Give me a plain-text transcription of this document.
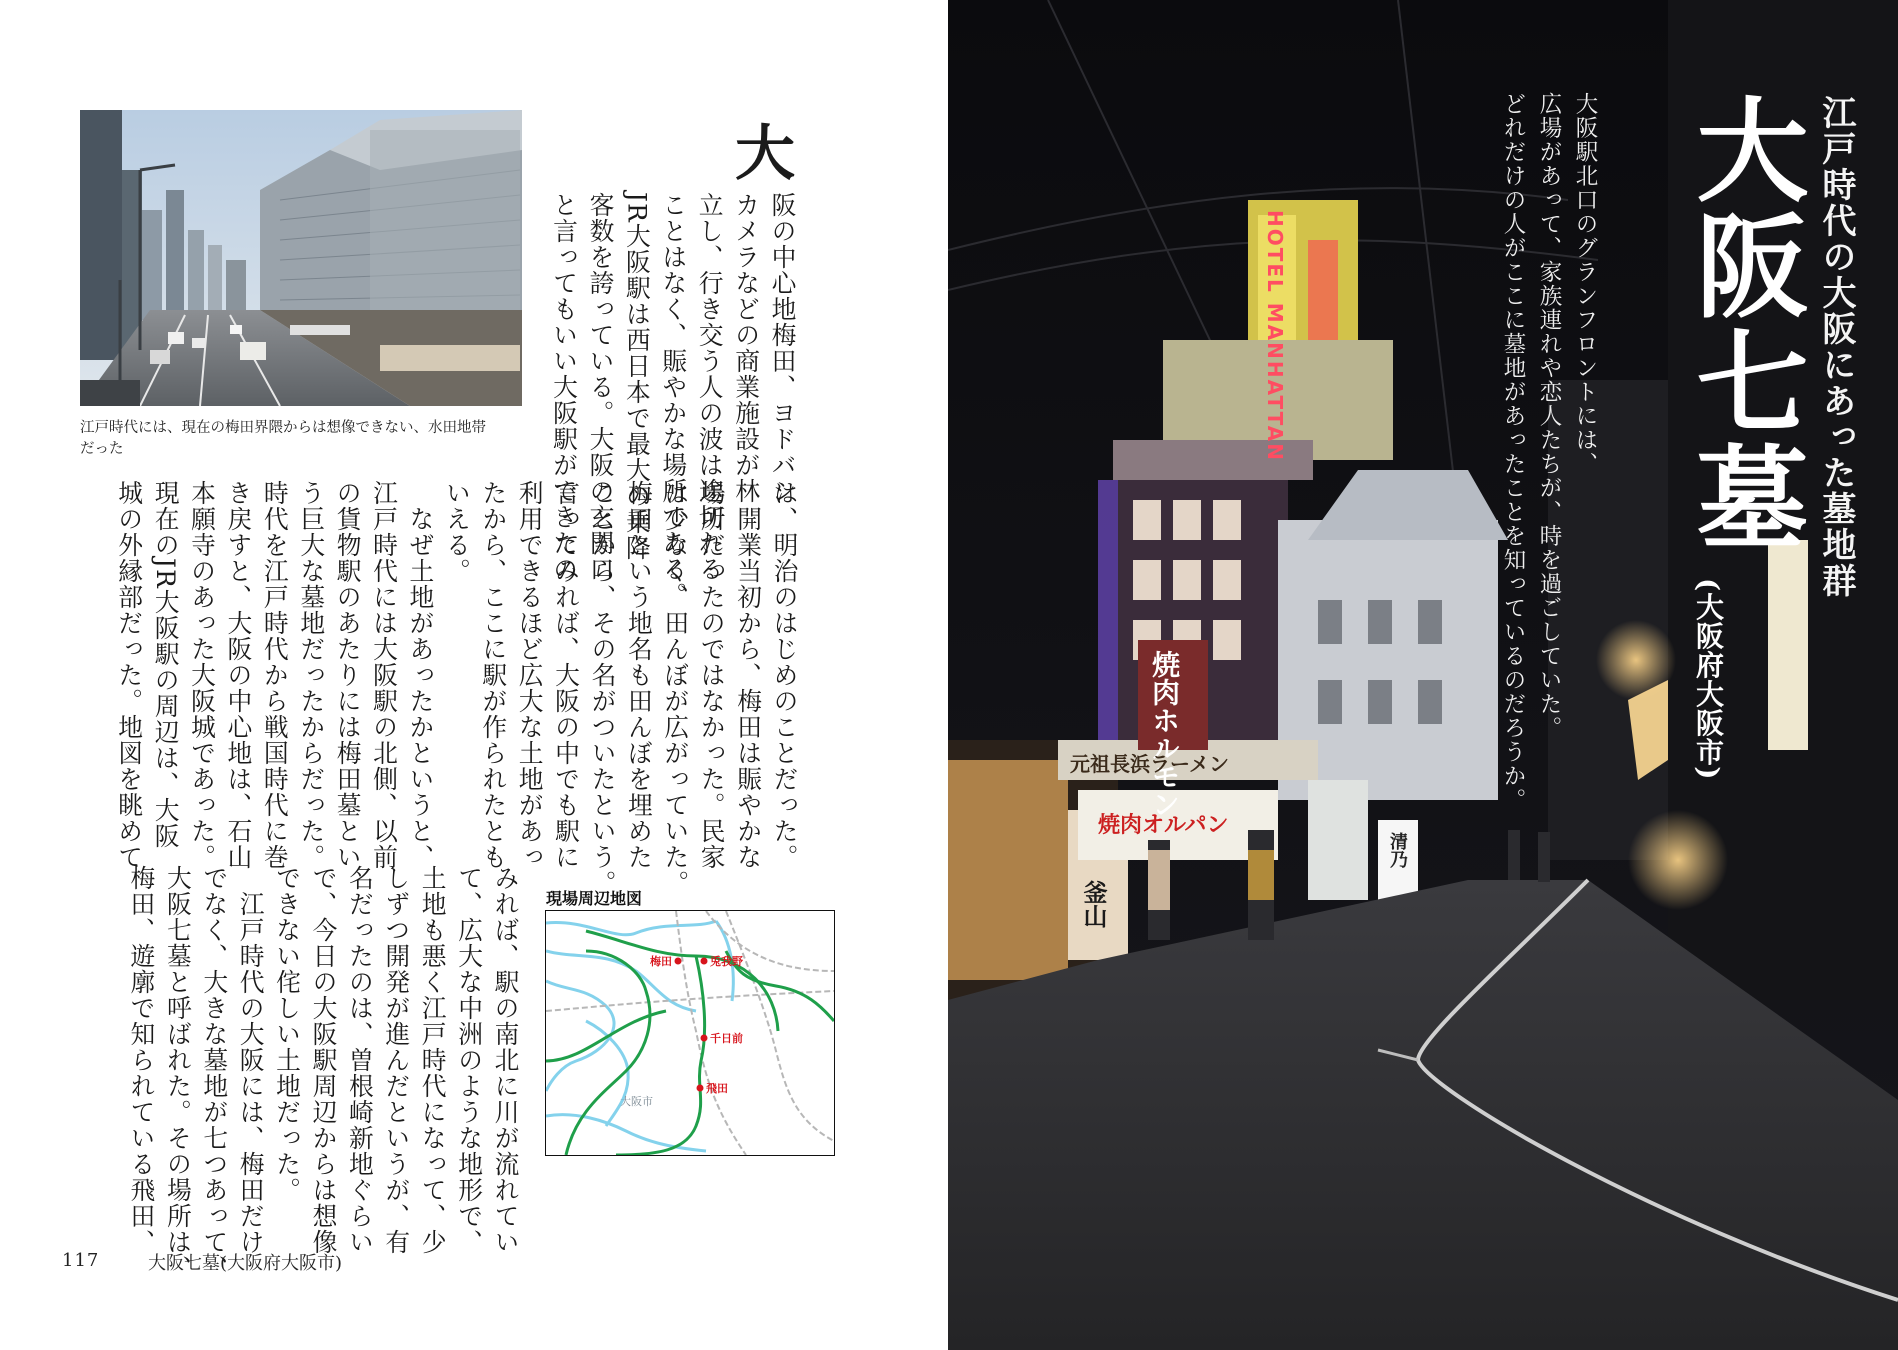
江戸時代には、現在の梅田界隈からは想像できない、水田地帯
だった
大
阪の中心地梅田、ヨドバシ
カメラなどの商業施設が林
立し、行き交う人の波は途切れる
ことはなく、賑やかな場所である。
JR大阪駅は西日本で最大の乗降
客数を誇っている。大阪の玄関口
と言ってもいい大阪駅ができたの
は、明治のはじめのことだった。
　開業当初から、梅田は賑やかな
場所だったのではなかった。民家
は少なく、田んぼが広がっていた。
梅田という地名も田んぼを埋めた
ことから、その名がついたという。
言ってみれば、大阪の中でも駅に
利用できるほど広大な土地があっ
たから、ここに駅が作られたとも
いえる。
　なぜ土地があったかというと、
江戸時代には大阪駅の北側、以前
の貨物駅のあたりには梅田墓とい
う巨大な墓地だったからだった。
時代を江戸時代から戦国時代に巻
き戻すと、大阪の中心地は、石山
本願寺のあった大阪城であった。
現在のJR大阪駅の周辺は、大阪
城の外縁部だった。地図を眺めて
みれば、駅の南北に川が流れてい
て、広大な中洲のような地形で、
土地も悪く江戸時代になって、少
しずつ開発が進んだというが、有
名だったのは、曽根崎新地ぐらい
で、今日の大阪駅周辺からは想像
できない侘しい土地だった。
　江戸時代の大阪には、梅田だけ
でなく、大きな墓地が七つあって、
大阪七墓と呼ばれた。その場所は、
梅田、遊廓で知られている飛田、	現場周辺地図
梅田	兎我野
千日前
飛田
大阪市
117	大阪七墓(大阪府大阪市)
HOTEL MANHATTAN
焼肉ホルモン
元祖長浜ラーメン
焼肉オルパン
釜山
清乃
江戸時代の大阪にあった墓地群
大阪七墓
大阪駅北口のグランフロントには、
広場があって、家族連れや恋人たちが、時を過ごしていた。
どれだけの人がここに墓地があったことを知っているのだろうか。	(大阪府大阪市)
